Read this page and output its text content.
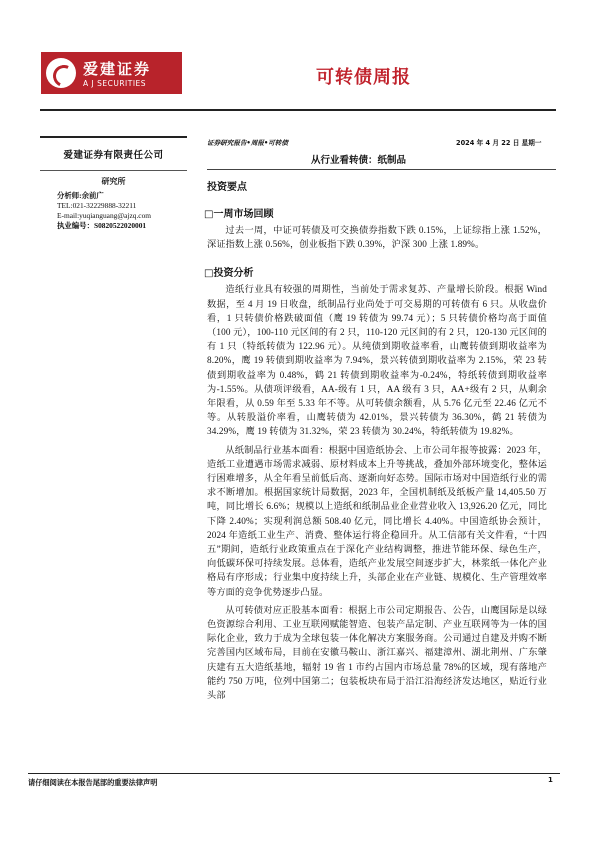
爱建证券
A J SECURITIES	可转债周报
爱建证券有限责任公司
研究所
分析师:余前广
TEL:021-32229888-32211
E-mail:yuqianguang@ajzq.com
执业编号：S0820522020001
证券研究报告•周报•可转债	2024 年 4 月 22 日 星期一
从行业看转债：纸制品
投资要点
□一周市场回顾

过去一周，中证可转债及可交换债券指数下跌 0.15%，上证综指上涨 1.52%，深证指数上涨 0.56%，创业板指下跌 0.39%，沪深 300 上涨 1.89%。

□投资分析

造纸行业具有较强的周期性，当前处于需求复苏、产量增长阶段。根据 Wind 数据，至 4 月 19 日收盘，纸制品行业尚处于可交易期的可转债有 6 只。从收盘价看，1 只转债价格跌破面值（鹰 19 转债为 99.74 元）；5 只转债价格均高于面值（100 元），100-110 元区间的有 2 只，110-120 元区间的有 2 只，120-130 元区间的有 1 只（特纸转债为 122.96 元）。从纯债到期收益率看，山鹰转债到期收益率为 8.20%，鹰 19 转债到期收益率为 7.94%，景兴转债到期收益率为 2.15%，荣 23 转债到期收益率为 0.48%，鹤 21 转债到期收益率为-0.24%，特纸转债到期收益率为-1.55%。从债项评级看，AA-级有 1 只，AA 级有 3 只，AA+级有 2 只，从剩余年限看，从 0.59 年至 5.33 年不等。从可转债余额看，从 5.76 亿元至 22.46 亿元不等。从转股溢价率看，山鹰转债为 42.01%，景兴转债为 36.30%，鹤 21 转债为 34.29%，鹰 19 转债为 31.32%，荣 23 转债为 30.24%，特纸转债为 19.82%。

从纸制品行业基本面看：根据中国造纸协会、上市公司年报等披露：2023 年，造纸工业遭遇市场需求减弱、原材料成本上升等挑战，叠加外部环境变化，整体运行困难增多，从全年看呈前低后高、逐渐向好态势。国际市场对中国造纸行业的需求不断增加。根据国家统计局数据，2023 年，全国机制纸及纸板产量 14,405.50 万吨，同比增长 6.6%；规模以上造纸和纸制品业企业营业收入 13,926.20 亿元，同比下降 2.40%；实现利润总额 508.40 亿元，同比增长 4.40%。中国造纸协会预计，2024 年造纸工业生产、消费、整体运行将企稳回升。从工信部有关文件看，“十四五”期间，造纸行业政策重点在于深化产业结构调整，推进节能环保、绿色生产，向低碳环保可持续发展。总体看，造纸产业发展空间逐步扩大，林浆纸一体化产业格局有序形成；行业集中度持续上升，头部企业在产业链、规模化、生产管理效率等方面的竞争优势逐步凸显。

从可转债对应正股基本面看：根据上市公司定期报告、公告，山鹰国际是以绿色资源综合利用、工业互联网赋能智造、包装产品定制、产业互联网等为一体的国际化企业，致力于成为全球包装一体化解决方案服务商。公司通过自建及并购不断完善国内区域布局，目前在安徽马鞍山、浙江嘉兴、福建漳州、湖北荆州、广东肇庆建有五大造纸基地，辐射 19 省 1 市约占国内市场总量 78%的区域，现有落地产能约 750 万吨，位列中国第二；包装板块布局于沿江沿海经济发达地区，贴近行业头部

请仔细阅读在本报告尾部的重要法律声明	1
